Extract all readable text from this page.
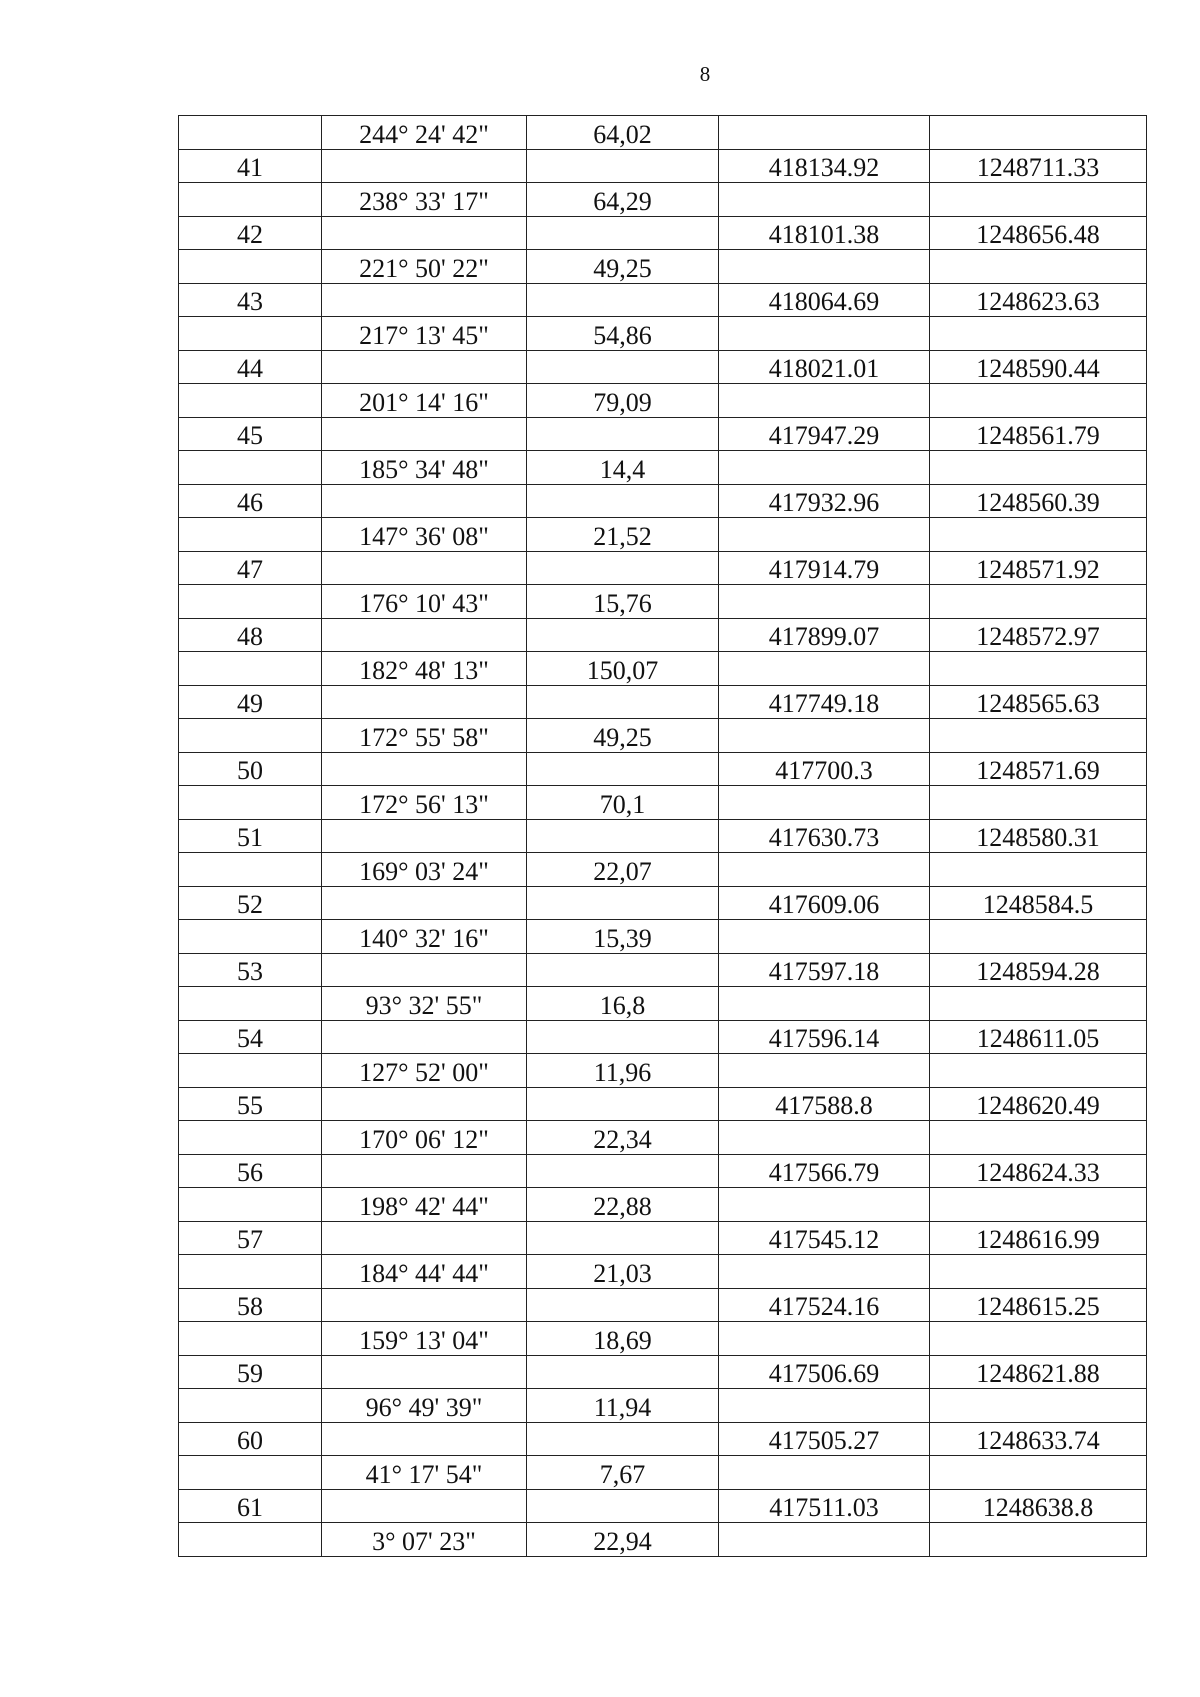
8
	244° 24' 42"	64,02		
41			418134.92	1248711.33
	238° 33' 17"	64,29		
42			418101.38	1248656.48
	221° 50' 22"	49,25		
43			418064.69	1248623.63
	217° 13' 45"	54,86		
44			418021.01	1248590.44
	201° 14' 16"	79,09		
45			417947.29	1248561.79
	185° 34' 48"	14,4		
46			417932.96	1248560.39
	147° 36' 08"	21,52		
47			417914.79	1248571.92
	176° 10' 43"	15,76		
48			417899.07	1248572.97
	182° 48' 13"	150,07		
49			417749.18	1248565.63
	172° 55' 58"	49,25		
50			417700.3	1248571.69
	172° 56' 13"	70,1		
51			417630.73	1248580.31
	169° 03' 24"	22,07		
52			417609.06	1248584.5
	140° 32' 16"	15,39		
53			417597.18	1248594.28
	93° 32' 55"	16,8		
54			417596.14	1248611.05
	127° 52' 00"	11,96		
55			417588.8	1248620.49
	170° 06' 12"	22,34		
56			417566.79	1248624.33
	198° 42' 44"	22,88		
57			417545.12	1248616.99
	184° 44' 44"	21,03		
58			417524.16	1248615.25
	159° 13' 04"	18,69		
59			417506.69	1248621.88
	96° 49' 39"	11,94		
60			417505.27	1248633.74
	41° 17' 54"	7,67		
61			417511.03	1248638.8
	3° 07' 23"	22,94		
